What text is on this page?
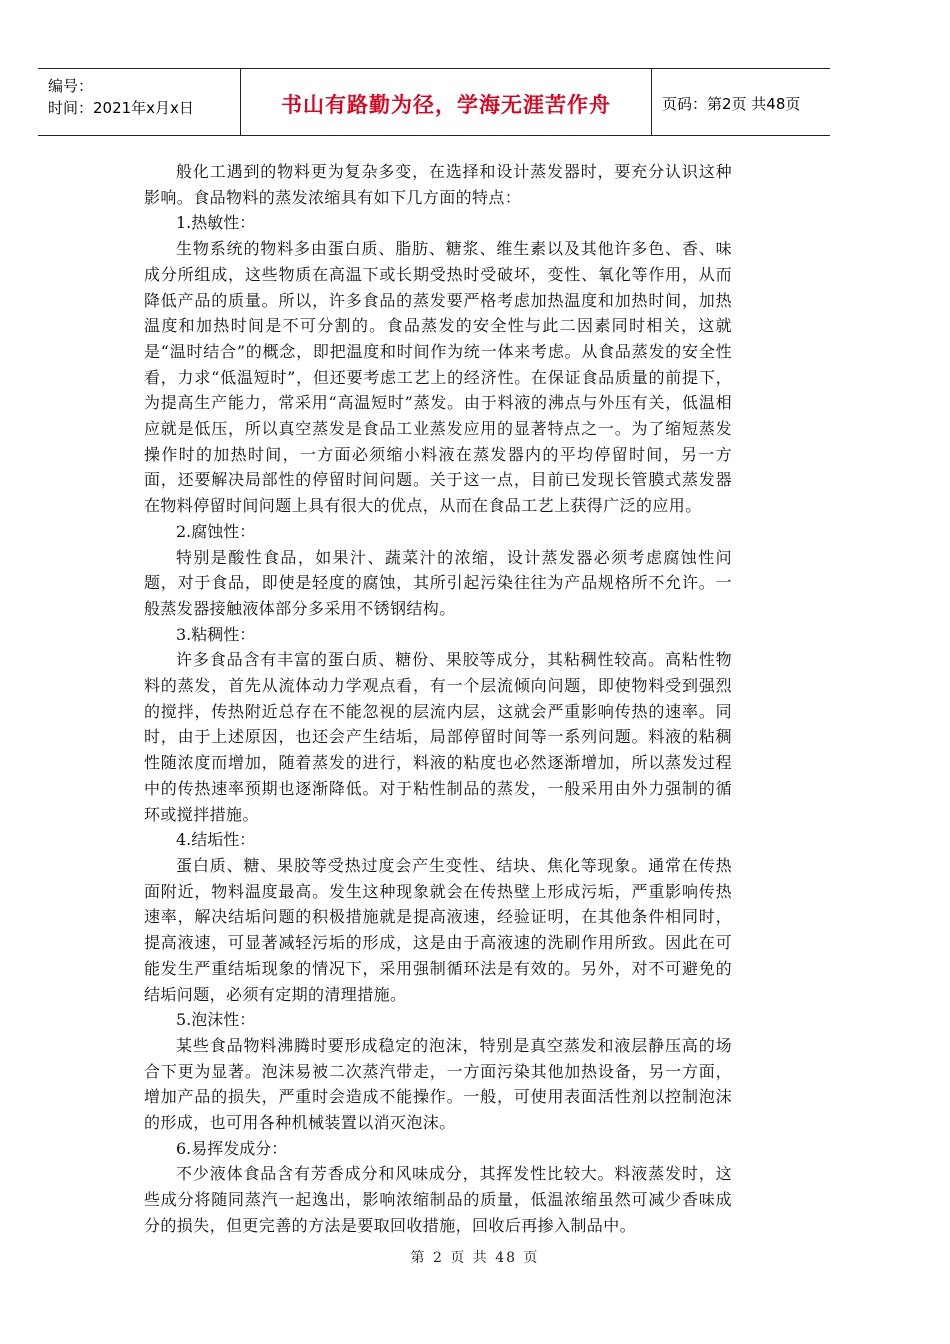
编号：
时间：2021年x月x日	书山有路勤为径，学海无涯苦作舟	页码：第2页 共48页

般化工遇到的物料更为复杂多变，在选择和设计蒸发器时，要充分认识这种影响。食品物料的蒸发浓缩具有如下几方面的特点：

1.热敏性：

生物系统的物料多由蛋白质、脂肪、糖浆、维生素以及其他许多色、香、味成分所组成，这些物质在高温下或长期受热时受破坏，变性、氧化等作用，从而降低产品的质量。所以，许多食品的蒸发要严格考虑加热温度和加热时间，加热温度和加热时间是不可分割的。食品蒸发的安全性与此二因素同时相关，这就是“温时结合”的概念，即把温度和时间作为统一体来考虑。从食品蒸发的安全性看，力求“低温短时”，但还要考虑工艺上的经济性。在保证食品质量的前提下，为提高生产能力，常采用“高温短时”蒸发。由于料液的沸点与外压有关，低温相应就是低压，所以真空蒸发是食品工业蒸发应用的显著特点之一。为了缩短蒸发操作时的加热时间，一方面必须缩小料液在蒸发器内的平均停留时间，另一方面，还要解决局部性的停留时间问题。关于这一点，目前已发现长管膜式蒸发器在物料停留时间问题上具有很大的优点，从而在食品工艺上获得广泛的应用。

2.腐蚀性：

特别是酸性食品，如果汁、蔬菜汁的浓缩，设计蒸发器必须考虑腐蚀性问题，对于食品，即使是轻度的腐蚀，其所引起污染往往为产品规格所不允许。一般蒸发器接触液体部分多采用不锈钢结构。

3.粘稠性：

许多食品含有丰富的蛋白质、糖份、果胶等成分，其粘稠性较高。高粘性物料的蒸发，首先从流体动力学观点看，有一个层流倾向问题，即使物料受到强烈的搅拌，传热附近总存在不能忽视的层流内层，这就会严重影响传热的速率。同时，由于上述原因，也还会产生结垢，局部停留时间等一系列问题。料液的粘稠性随浓度而增加，随着蒸发的进行，料液的粘度也必然逐渐增加，所以蒸发过程中的传热速率预期也逐渐降低。对于粘性制品的蒸发，一般采用由外力强制的循环或搅拌措施。

4.结垢性：

蛋白质、糖、果胶等受热过度会产生变性、结块、焦化等现象。通常在传热面附近，物料温度最高。发生这种现象就会在传热壁上形成污垢，严重影响传热速率，解决结垢问题的积极措施就是提高液速，经验证明，在其他条件相同时，提高液速，可显著减轻污垢的形成，这是由于高液速的洗刷作用所致。因此在可能发生严重结垢现象的情况下，采用强制循环法是有效的。另外，对不可避免的结垢问题，必须有定期的清理措施。

5.泡沫性：

某些食品物料沸腾时要形成稳定的泡沫，特别是真空蒸发和液层静压高的场合下更为显著。泡沫易被二次蒸汽带走，一方面污染其他加热设备，另一方面，增加产品的损失，严重时会造成不能操作。一般，可使用表面活性剂以控制泡沫的形成，也可用各种机械装置以消灭泡沫。

6.易挥发成分：

不少液体食品含有芳香成分和风味成分，其挥发性比较大。料液蒸发时，这些成分将随同蒸汽一起逸出，影响浓缩制品的质量，低温浓缩虽然可减少香味成分的损失，但更完善的方法是要取回收措施，回收后再掺入制品中。

第 2 页 共 48 页
